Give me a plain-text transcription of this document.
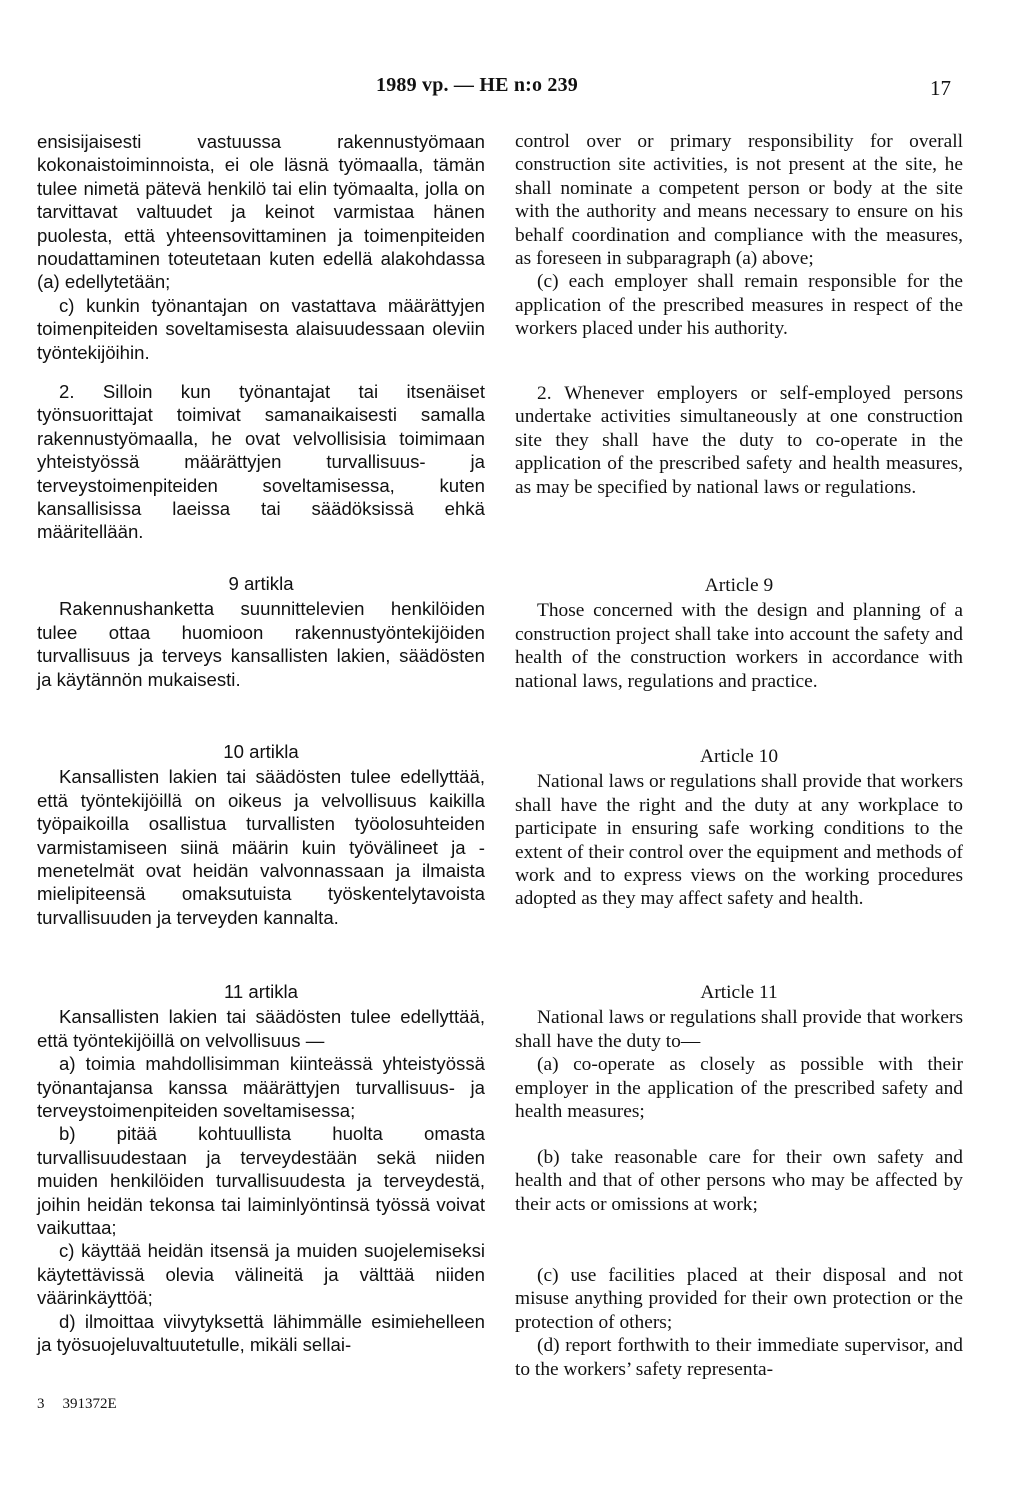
1989 vp. — HE n:o 239	17

ensisijaisesti vastuussa rakennustyömaan kokonaistoiminnoista, ei ole läsnä työmaalla, tämän tulee nimetä pätevä henkilö tai elin työmaalta, jolla on tarvittavat valtuudet ja keinot varmistaa hänen puolesta, että yhteensovittaminen ja toimenpiteiden noudattaminen toteutetaan kuten edellä alakohdassa (a) edellytetään;

c) kunkin työnantajan on vastattava määrättyjen toimenpiteiden soveltamisesta alaisuudessaan oleviin työntekijöihin.

2. Silloin kun työnantajat tai itsenäiset työnsuorittajat toimivat samanaikaisesti samalla rakennustyömaalla, he ovat velvollisisia toimimaan yhteistyössä määrättyjen turvallisuus- ja terveystoimenpiteiden soveltamisessa, kuten kansallisissa laeissa tai säädöksissä ehkä määritellään.

9 artikla

Rakennushanketta suunnittelevien henkilöiden tulee ottaa huomioon rakennustyöntekijöiden turvallisuus ja terveys kansallisten lakien, säädösten ja käytännön mukaisesti.

10 artikla

Kansallisten lakien tai säädösten tulee edellyttää, että työntekijöillä on oikeus ja velvollisuus kaikilla työpaikoilla osallistua turvallisten työolosuhteiden varmistamiseen siinä määrin kuin työvälineet ja -menetelmät ovat heidän valvonnassaan ja ilmaista mielipiteensä omaksutuista työskentelytavoista turvallisuuden ja terveyden kannalta.

11 artikla

Kansallisten lakien tai säädösten tulee edellyttää, että työntekijöillä on velvollisuus —

a) toimia mahdollisimman kiinteässä yhteistyössä työnantajansa kanssa määrättyjen turvallisuus- ja terveystoimenpiteiden soveltamisessa;

b) pitää kohtuullista huolta omasta turvallisuudestaan ja terveydestään sekä niiden muiden henkilöiden turvallisuudesta ja terveydestä, joihin heidän tekonsa tai laiminlyöntinsä työssä voivat vaikuttaa;

c) käyttää heidän itsensä ja muiden suojelemiseksi käytettävissä olevia välineitä ja välttää niiden väärinkäyttöä;

d) ilmoittaa viivytyksettä lähimmälle esimiehelleen ja työsuojeluvaltuutetulle, mikäli sellai-

control over or primary responsibility for overall construction site activities, is not present at the site, he shall nominate a competent person or body at the site with the authority and means necessary to ensure on his behalf coordination and compliance with the measures, as foreseen in subparagraph (a) above;

(c) each employer shall remain responsible for the application of the prescribed measures in respect of the workers placed under his authority.

2. Whenever employers or self-employed persons undertake activities simultaneously at one construction site they shall have the duty to co-operate in the application of the prescribed safety and health measures, as may be specified by national laws or regulations.

Article 9

Those concerned with the design and planning of a construction project shall take into account the safety and health of the construction workers in accordance with national laws, regulations and practice.

Article 10

National laws or regulations shall provide that workers shall have the right and the duty at any workplace to participate in ensuring safe working conditions to the extent of their control over the equipment and methods of work and to express views on the working procedures adopted as they may affect safety and health.

Article 11

National laws or regulations shall provide that workers shall have the duty to—

(a) co-operate as closely as possible with their employer in the application of the prescribed safety and health measures;

(b) take reasonable care for their own safety and health and that of other persons who may be affected by their acts or omissions at work;

(c) use facilities placed at their disposal and not misuse anything provided for their own protection or the protection of others;

(d) report forthwith to their immediate supervisor, and to the workers’ safety representa-

3 391372E
